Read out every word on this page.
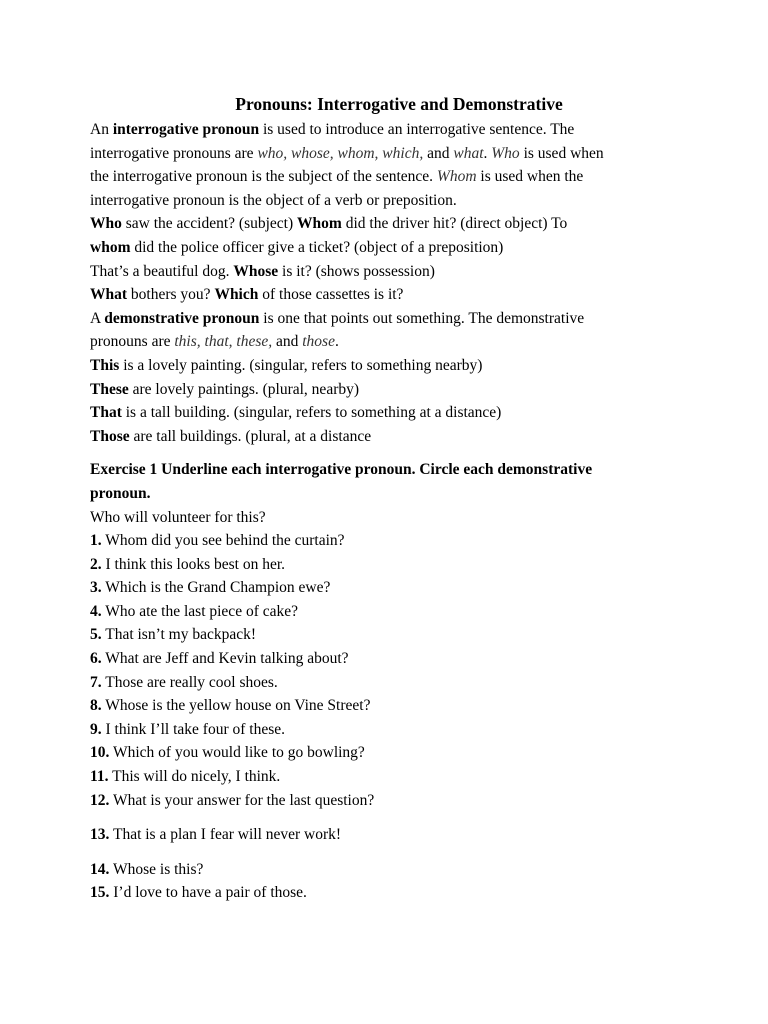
Pronouns: Interrogative and Demonstrative
An interrogative pronoun is used to introduce an interrogative sentence. The
interrogative pronouns are who, whose, whom, which, and what. Who is used when
the interrogative pronoun is the subject of the sentence. Whom is used when the
interrogative pronoun is the object of a verb or preposition.
Who saw the accident? (subject) Whom did the driver hit? (direct object) To
whom did the police officer give a ticket? (object of a preposition)
That’s a beautiful dog. Whose is it? (shows possession)
What bothers you? Which of those cassettes is it?
A demonstrative pronoun is one that points out something. The demonstrative
pronouns are this, that, these, and those.
This is a lovely painting. (singular, refers to something nearby)
These are lovely paintings. (plural, nearby)
That is a tall building. (singular, refers to something at a distance)
Those are tall buildings. (plural, at a distance
Exercise 1 Underline each interrogative pronoun. Circle each demonstrative
pronoun.
Who will volunteer for this?
1. Whom did you see behind the curtain?
2. I think this looks best on her.
3. Which is the Grand Champion ewe?
4. Who ate the last piece of cake?
5. That isn’t my backpack!
6. What are Jeff and Kevin talking about?
7. Those are really cool shoes.
8. Whose is the yellow house on Vine Street?
9. I think I’ll take four of these.
10. Which of you would like to go bowling?
11. This will do nicely, I think.
12. What is your answer for the last question?
13. That is a plan I fear will never work!
14. Whose is this?
15. I’d love to have a pair of those.
